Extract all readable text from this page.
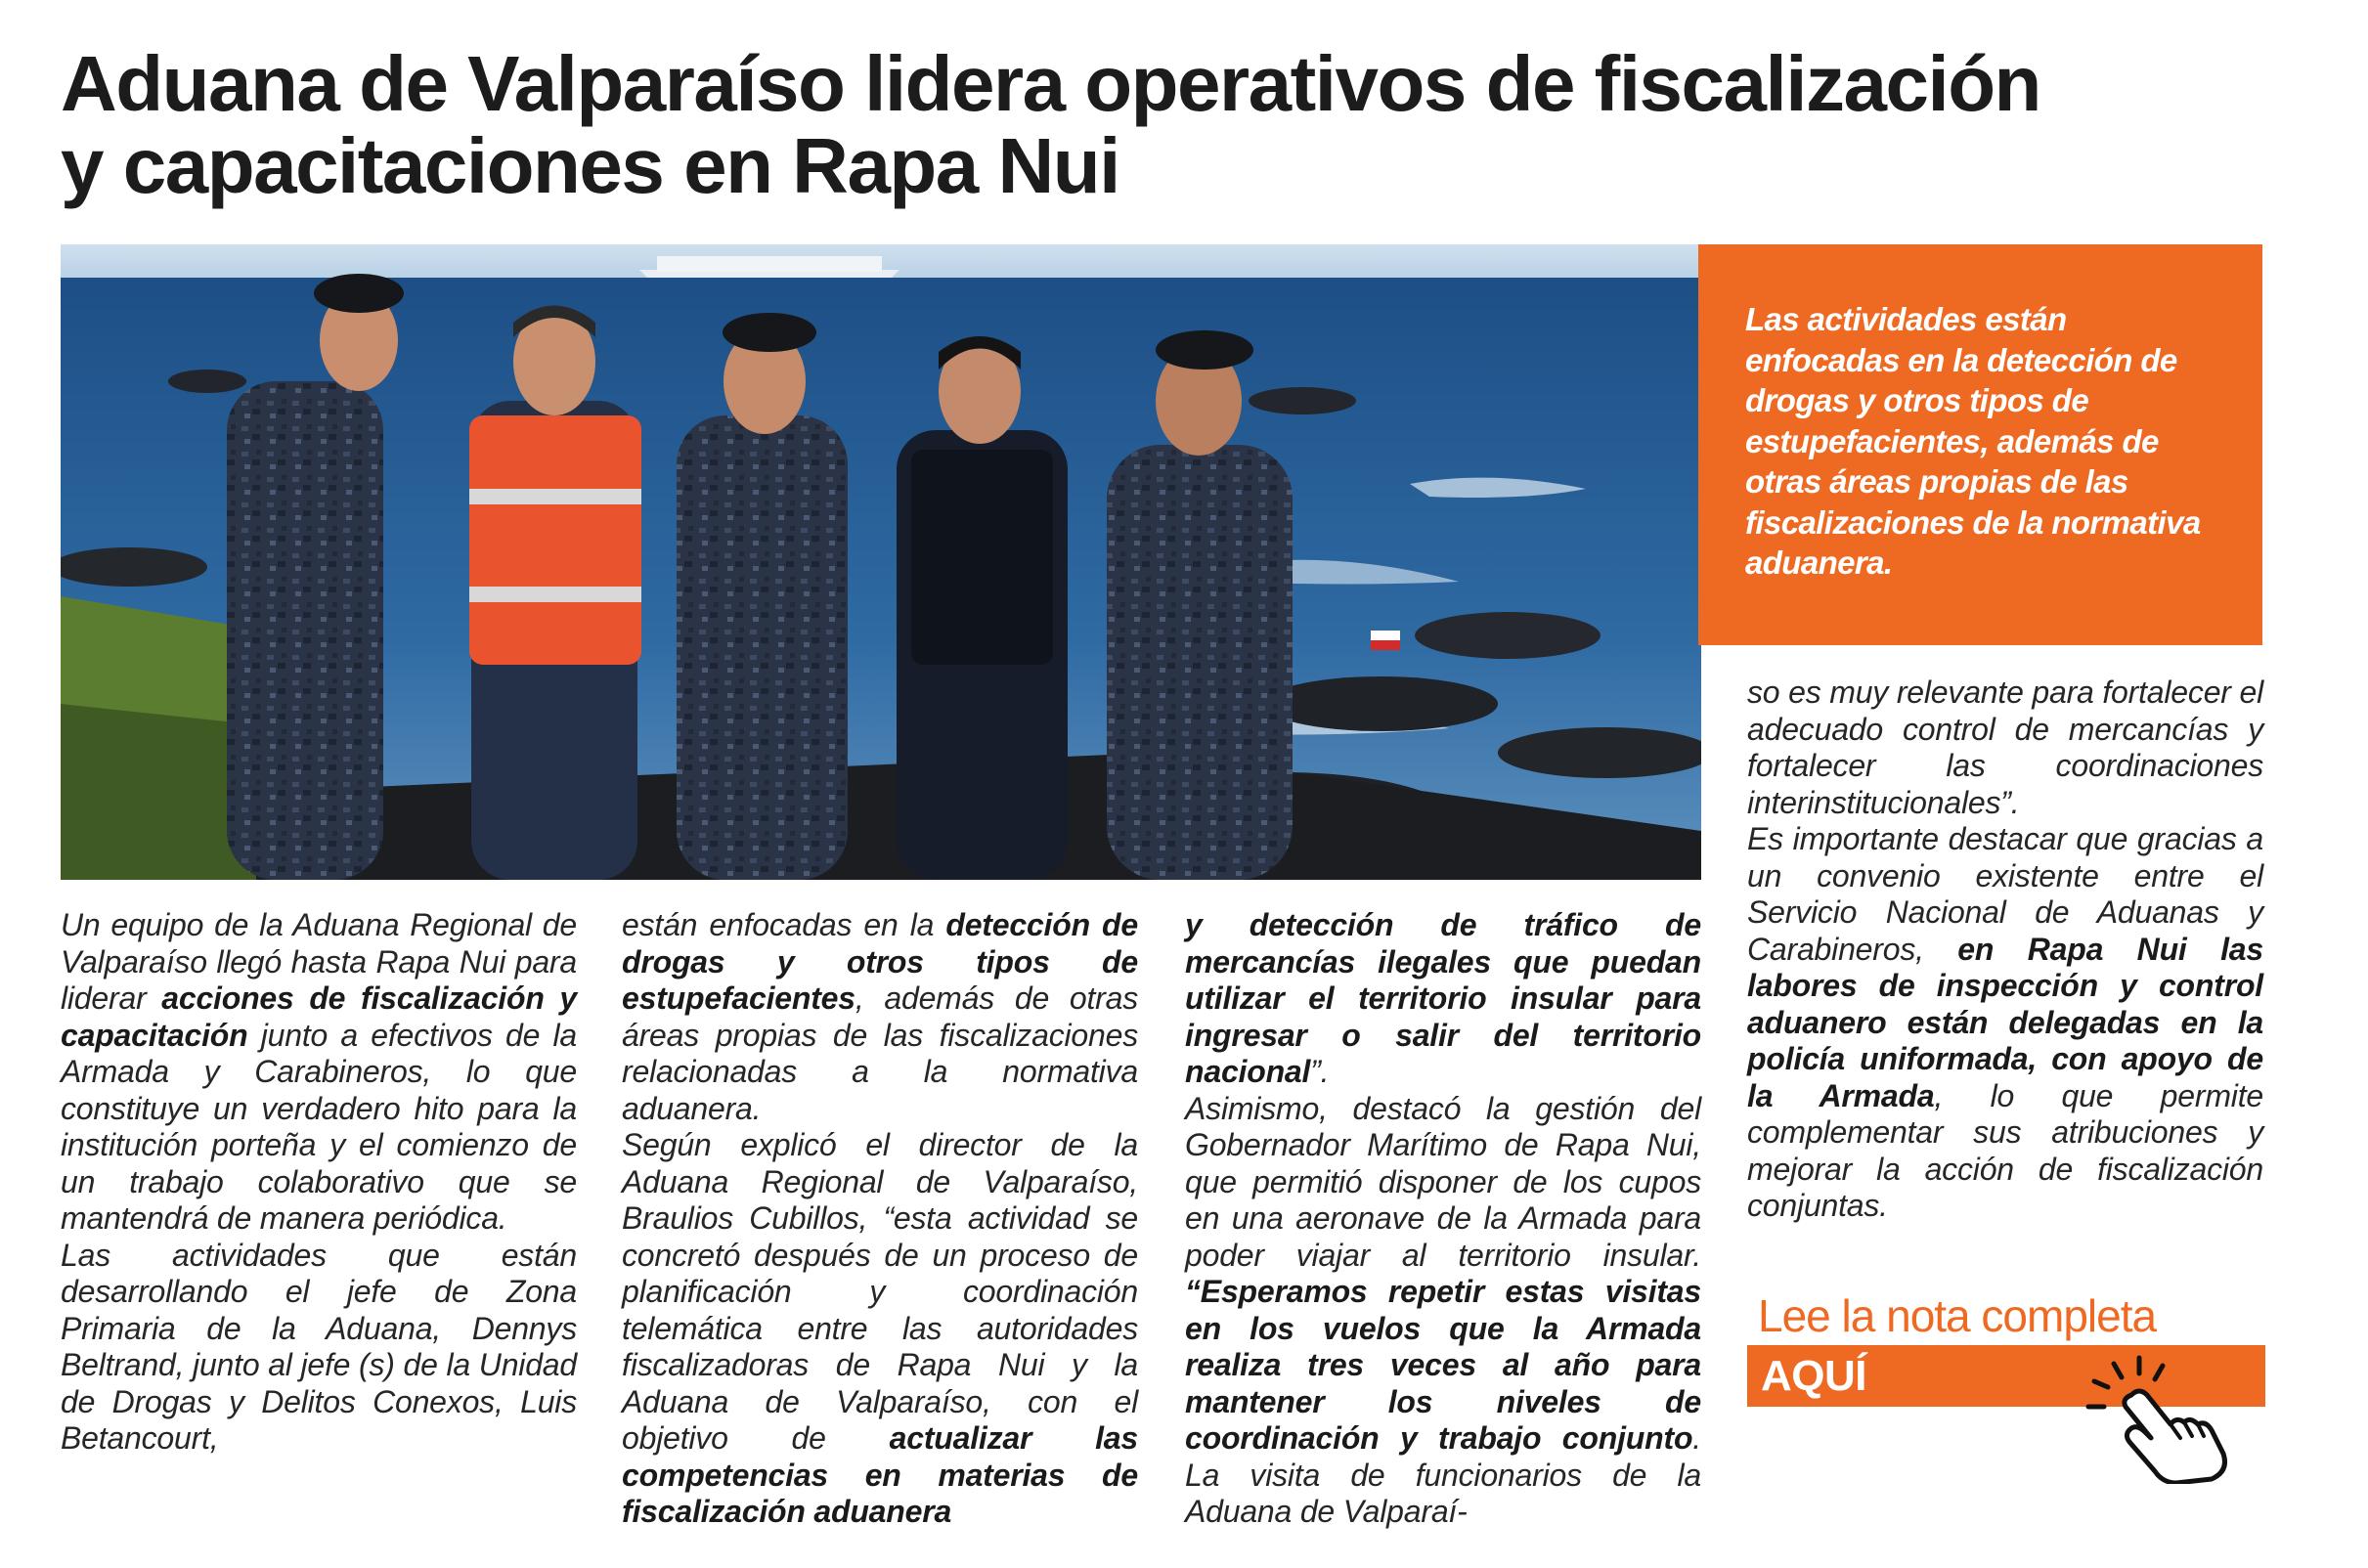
Aduana de Valparaíso lidera operativos de fiscalización
y capacitaciones en Rapa Nui

Las actividades están enfocadas en la detección de drogas y otros tipos de estupefacientes, además de otras áreas propias de las fiscalizaciones de la normativa aduanera.

Un equipo de la Aduana Regional de Valparaíso llegó hasta Rapa Nui para liderar acciones de fiscalización y capacitación junto a efectivos de la Armada y Carabineros, lo que constituye un verdadero hito para la institución porteña y el comienzo de un trabajo colaborativo que se mantendrá de manera periódica.

Las actividades que están desarrollando el jefe de Zona Primaria de la Aduana, Dennys Beltrand, junto al jefe (s) de la Unidad de Drogas y Delitos Conexos, Luis Betancourt,

están enfocadas en la detección de drogas y otros tipos de estupefacientes, además de otras áreas propias de las fiscalizaciones relacionadas a la normativa aduanera.

Según explicó el director de la Aduana Regional de Valparaíso, Braulios Cubillos, “esta actividad se concretó después de un proceso de planificación y coordinación telemática entre las autoridades fiscalizadoras de Rapa Nui y la Aduana de Valparaíso, con el objetivo de actualizar las competencias en materias de fiscalización aduanera

y detección de tráfico de mercancías ilegales que puedan utilizar el territorio insular para ingresar o salir del territorio nacional”.

Asimismo, destacó la gestión del Gobernador Marítimo de Rapa Nui, que permitió disponer de los cupos en una aeronave de la Armada para poder viajar al territorio insular. “Esperamos repetir estas visitas en los vuelos que la Armada realiza tres veces al año para mantener los niveles de coordinación y trabajo conjunto. La visita de funcionarios de la Aduana de Valparaí-

so es muy relevante para fortalecer el adecuado control de mercancías y fortalecer las coordinaciones interinstitucionales”.

Es importante destacar que gracias a un convenio existente entre el Servicio Nacional de Aduanas y Carabineros, en Rapa Nui las labores de inspección y control aduanero están delegadas en la policía uniformada, con apoyo de la Armada, lo que permite complementar sus atribuciones y mejorar la acción de fiscalización conjuntas.

Lee la nota completa
AQUÍ
